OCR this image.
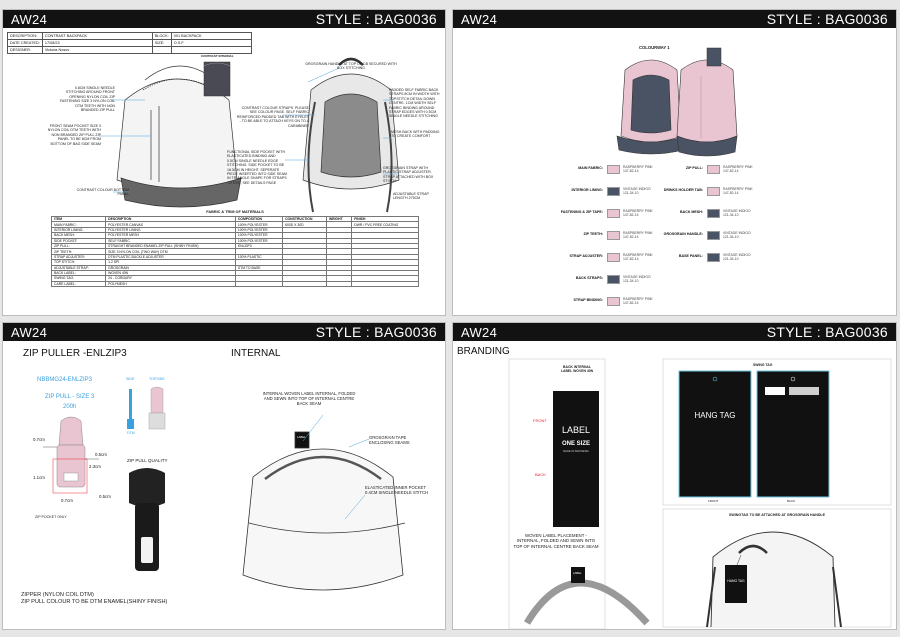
AW24	STYLE : BAG0036
DESCRIPTION:	CONTRAST BACKPACK	BLOCK:	001 BACKPACK
DATE CREATED:	17/08/23	SIZE:	O.S.F
DESIGNER:	Victoria Nosov		
CONTRAST INTERNAL
0.8CM SINGLE NEEDLE STITCHING AROUND FRONT OPENING NYLON COIL ZIP FASTENING SIZE 3 NYLON COIL DTM TEETH WITH NON BRANDED ZIP PULL
FRONT SEAM POCKET SIZE 3 NYLON COIL DTM TEETH WITH NON BRANDED ZIP PULL ZIP PANEL TO BE 8CM FROM BOTTOM OF BAG SIDE SEAM
CONTRAST COLOUR BOTTOM PANEL
GROSGRAIN HANDLE AT TOP OF CB SECURED WITH BOX STITCHING
CONTRAST COLOUR STRAPS. PLEASE SEE COLOUR PAGE. SELF FABRIC REINFORCED PADDED TAB WITH EYELET - TO BE ABLE TO ATTACH KEYS ON TO A CARABINER
PADDED SELF FABRIC BACK STRAPS 8CM IN WIDTH WITH TOPSTITCH DETAIL DOWN CENTRE. 1CM WIDTH SELF FABRIC BINDING AROUND STRAP EDGES WITH 0.5CM SINGLE NEEDLE STITCHING
FUNCTIONAL SIDE POCKET WITH ELASTICATED BINDING AND 0.5CM SINGLE NEEDLE EDGE STITCHING. SIDE POCKET TO BE 18.5CM IN HEIGHT. SEPERATE PIECE INSERTED INTO SIDE SEAM IN TRIANGLE SHAPE FOR STRAPS TO EXIT, SEE DETAILS PAGE
MESH BACK WITH PADDING TO CREATE COMFORT
GROSGRAIN STRAP WITH PLASTIC STRAP ADJUSTER. STRAP ATTACHED WITH BOX STITCH
ADJUSTABLE STRAP LENGTH 275CM
FABRIC & TRIM OF MATERIALS
ITEM	DESCRIPTION	COMPOSITION	CONSTRUCTION	WEIGHT	FINISH
MAIN FABRIC:	POLYESTER CANVAS	100% POLYESTER	600D X 30D		DWR / PVC FREE COATING
INTERIOR LINING:	POLYESTER LINING	100% POLYESTER			
BACK MESH:	POLYESTER MESH	100% POLYESTER			
SIDE POCKET:	SELF FABRIC	100% POLYESTER			
ZIP PULL:	STRAIGHT BRANDED ENAMEL ZIP PULL (SHINY FINISH)	ENLZIP3			
ZIP TEETH:	SIZE 3 NYLON COIL (TWO WAY) DTM				
STRAP ADJUSTER:	DTM PLASTIC BUCKLE ADJUSTER	100% PLASTIC			
TOP STITCH:	1.2 SPI				
ADJUSTABLE STRAP:	GROSGRAIN	STM TO BASE			
BACK LABEL:	WOVEN 40N				
SWING TAG:	24 - CORDURY				
CARE LABEL:	POLYMESH				
AW24	STYLE : BAG0036
COLOURWAY 1
MAIN FABRIC:	RASPBERRY PINK 147-82-14
INTERIOR LINING:	VINTAGE INDIGO 121-34-10
FASTENING & ZIP TAPE:	RASPBERRY PINK 147-82-14
ZIP TEETH:	RASPBERRY PINK 147-82-14
STRAP ADJUSTER:	RASPBERRY PINK 147-82-14
BACK STRAPS:	VINTAGE INDIGO 121-34-10
STRAP BINDING:	RASPBERRY PINK 147-82-14
ZIP PULL:	RASPBERRY PINK 147-82-14
DRINKS HOLDER TAB:	RASPBERRY PINK 147-82-14
BACK MESH:	VINTAGE INDIGO 121-34-10
GROSGRAIN HANDLE:	VINTAGE INDIGO 121-34-10
BASE PANEL:	VINTAGE INDIGO 121-34-10
AW24	STYLE : BAG0036
ZIP PULLER -ENLZIP3	INTERNAL
NBBMG24-ENLZIP3	SIDE	TOPSIDE
ZIP PULL - SIZE 3
200h
0.7cm
0.5cm
2.3cm
1.1cm
0.5cm
0.7cm
DTM
ZIP POCKET ONLY
ZIP PULL QUALITY
ZIPPER (NYLON COIL DTM)
ZIP PULL COLOUR TO BE DTM ENAMEL(SHINY FINISH)
LABEL
INTERNAL WOVEN LABEL INTERNAL, FOLDED AND SEWN INTO TOP OF INTERNAL CENTRE BACK SEAM
GROSGRAIN TAPE ENCLOSING SEAMS
ELASTICATED INNER POCKET 0.4CM SINGLE NEEDLE STITCH
AW24	STYLE : BAG0036
BRANDING
BACK INTERNAL LABEL WOVEN 40N
FRONT
BACK
LABEL
ONE SIZE
MADE IN INDONESIA
WOVEN LABEL PLACEMENT - INTERNAL, FOLDED AND SEWN INTO TOP OF INTERNAL CENTRE BACK SEAM
LABEL
SWING TAG
HANG TAG
FRONT	BACK
SWINGTAG TO BE ATTACHED AT GROSGRAIN HANDLE
HANG TAG
